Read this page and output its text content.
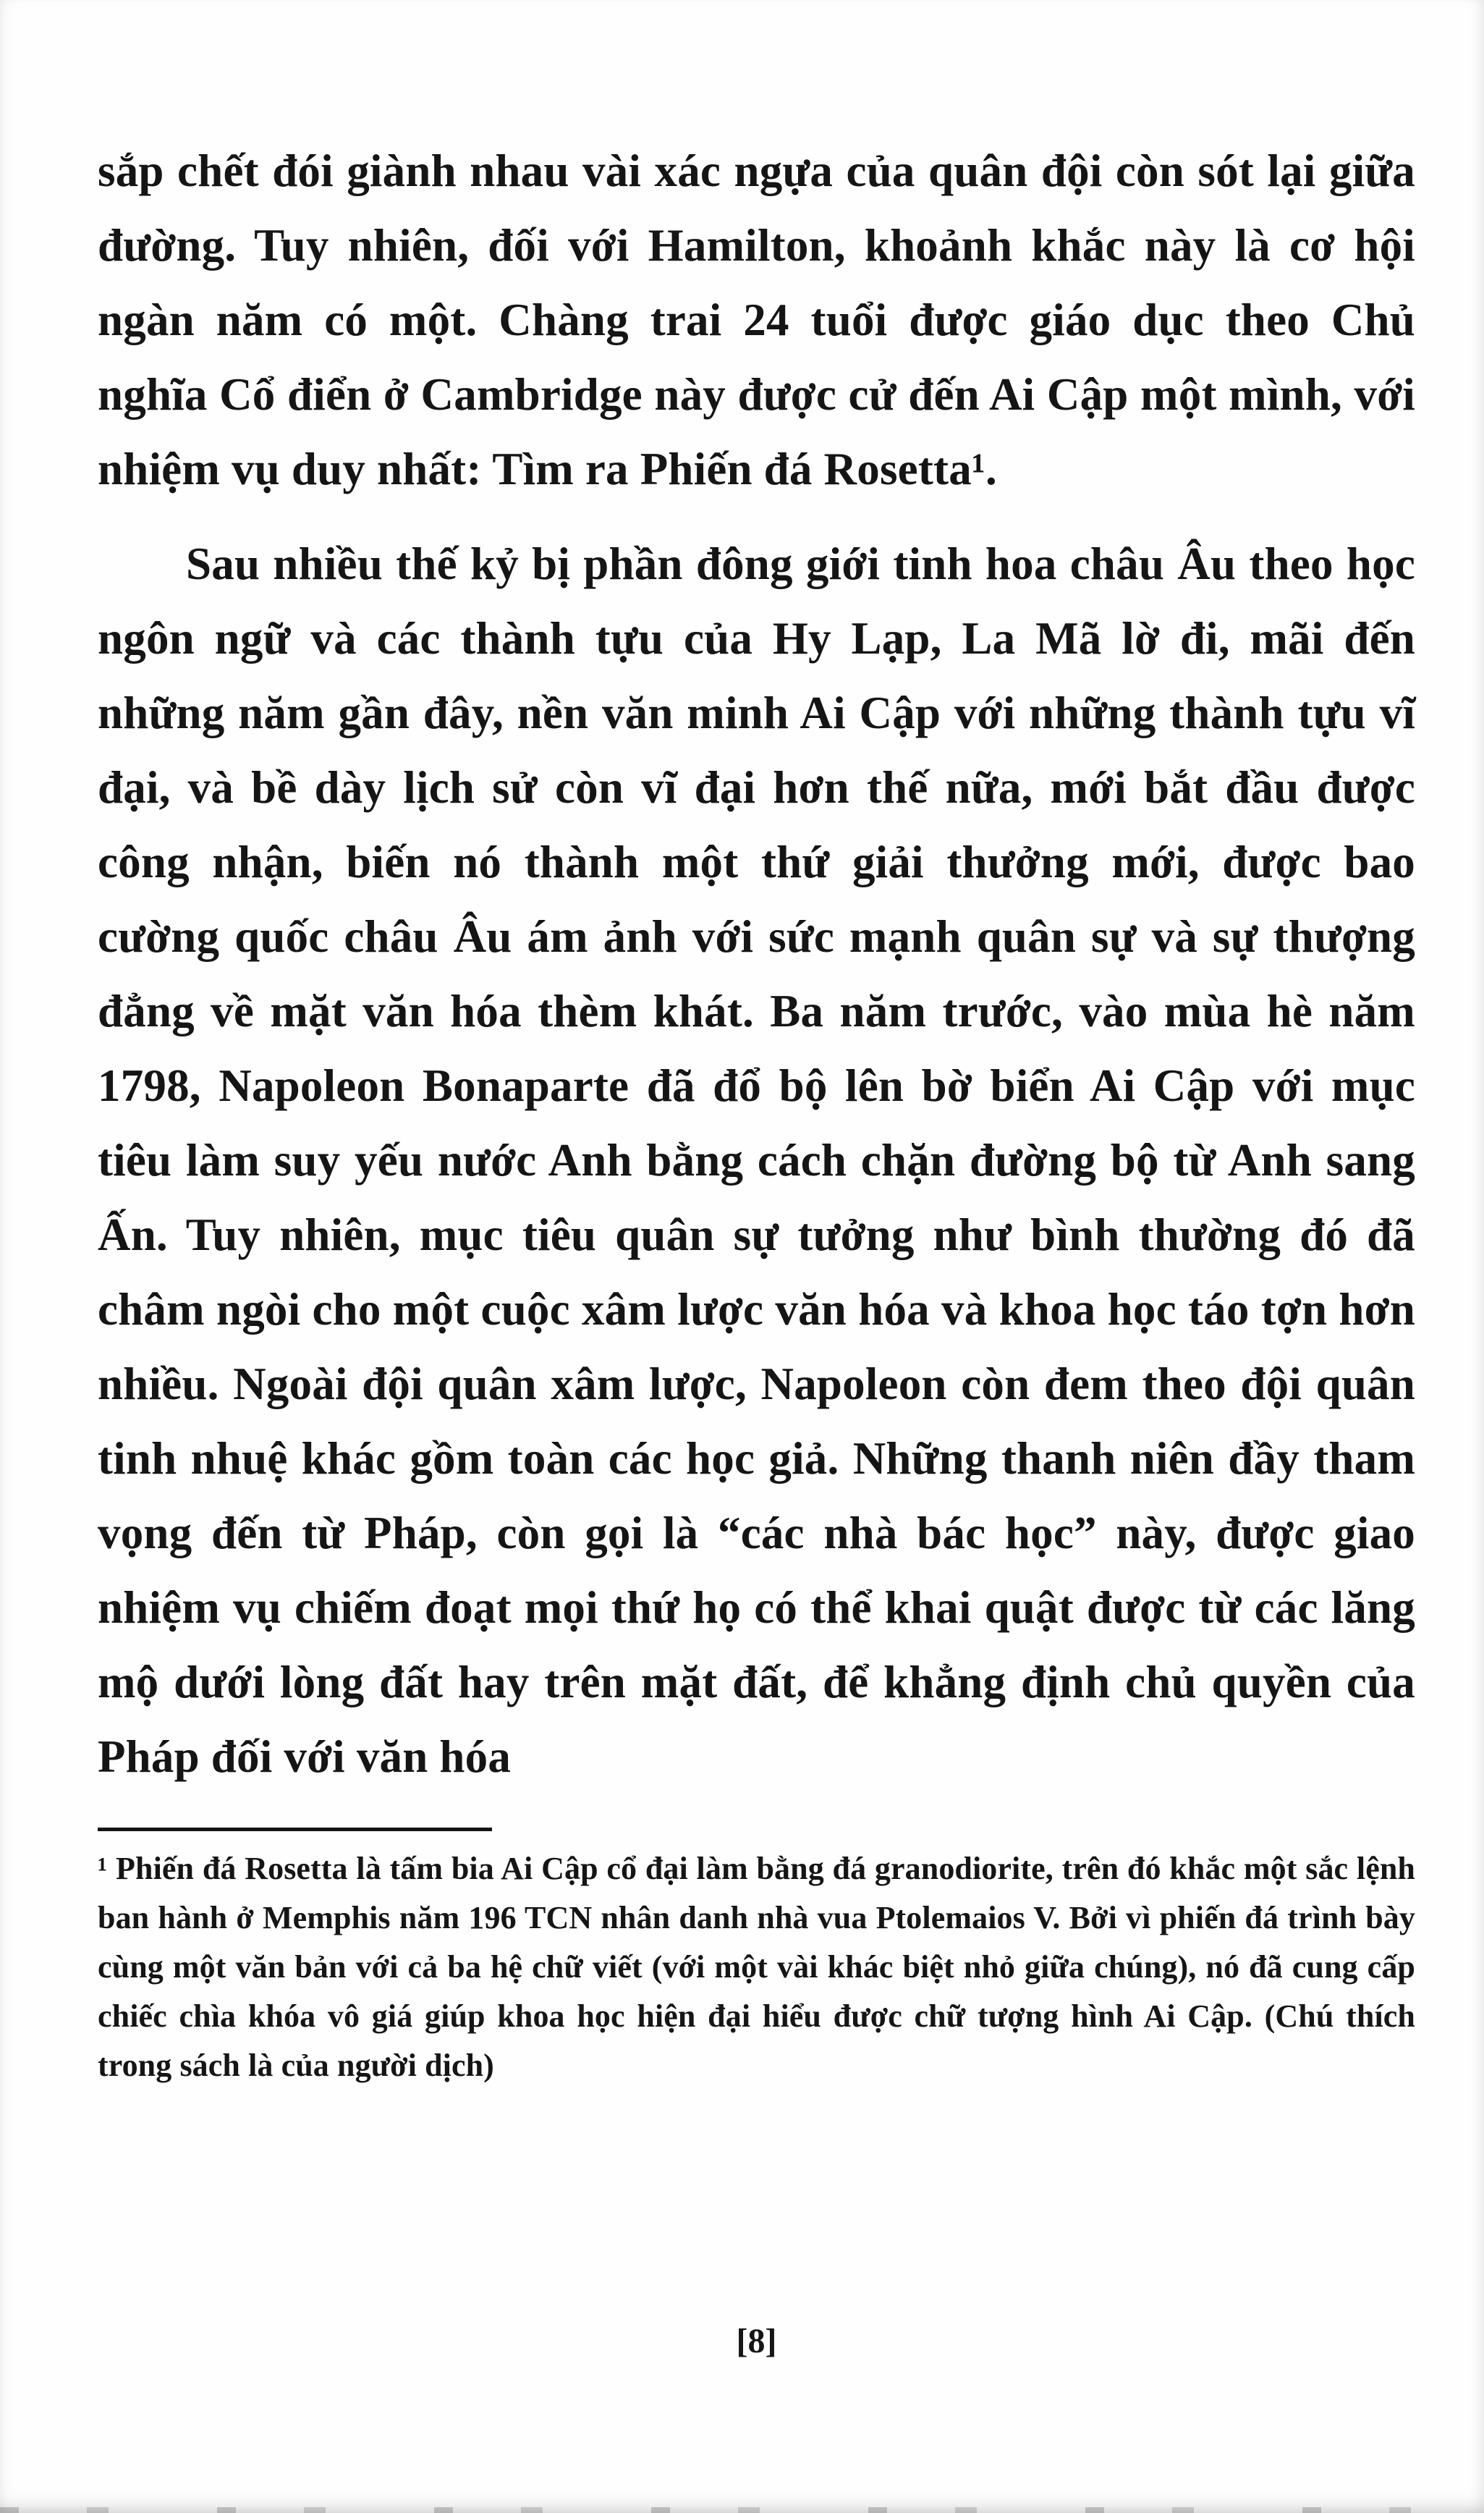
sắp chết đói giành nhau vài xác ngựa của quân đội còn sót lại giữa đường. Tuy nhiên, đối với Hamilton, khoảnh khắc này là cơ hội ngàn năm có một. Chàng trai 24 tuổi được giáo dục theo Chủ nghĩa Cổ điển ở Cambridge này được cử đến Ai Cập một mình, với nhiệm vụ duy nhất: Tìm ra Phiến đá Rosetta¹.

Sau nhiều thế kỷ bị phần đông giới tinh hoa châu Âu theo học ngôn ngữ và các thành tựu của Hy Lạp, La Mã lờ đi, mãi đến những năm gần đây, nền văn minh Ai Cập với những thành tựu vĩ đại, và bề dày lịch sử còn vĩ đại hơn thế nữa, mới bắt đầu được công nhận, biến nó thành một thứ giải thưởng mới, được bao cường quốc châu Âu ám ảnh với sức mạnh quân sự và sự thượng đẳng về mặt văn hóa thèm khát. Ba năm trước, vào mùa hè năm 1798, Napoleon Bonaparte đã đổ bộ lên bờ biển Ai Cập với mục tiêu làm suy yếu nước Anh bằng cách chặn đường bộ từ Anh sang Ấn. Tuy nhiên, mục tiêu quân sự tưởng như bình thường đó đã châm ngòi cho một cuộc xâm lược văn hóa và khoa học táo tợn hơn nhiều. Ngoài đội quân xâm lược, Napoleon còn đem theo đội quân tinh nhuệ khác gồm toàn các học giả. Những thanh niên đầy tham vọng đến từ Pháp, còn gọi là “các nhà bác học” này, được giao nhiệm vụ chiếm đoạt mọi thứ họ có thể khai quật được từ các lăng mộ dưới lòng đất hay trên mặt đất, để khẳng định chủ quyền của Pháp đối với văn hóa

¹ Phiến đá Rosetta là tấm bia Ai Cập cổ đại làm bằng đá granodiorite, trên đó khắc một sắc lệnh ban hành ở Memphis năm 196 TCN nhân danh nhà vua Ptolemaios V. Bởi vì phiến đá trình bày cùng một văn bản với cả ba hệ chữ viết (với một vài khác biệt nhỏ giữa chúng), nó đã cung cấp chiếc chìa khóa vô giá giúp khoa học hiện đại hiểu được chữ tượng hình Ai Cập. (Chú thích trong sách là của người dịch)

[8]
